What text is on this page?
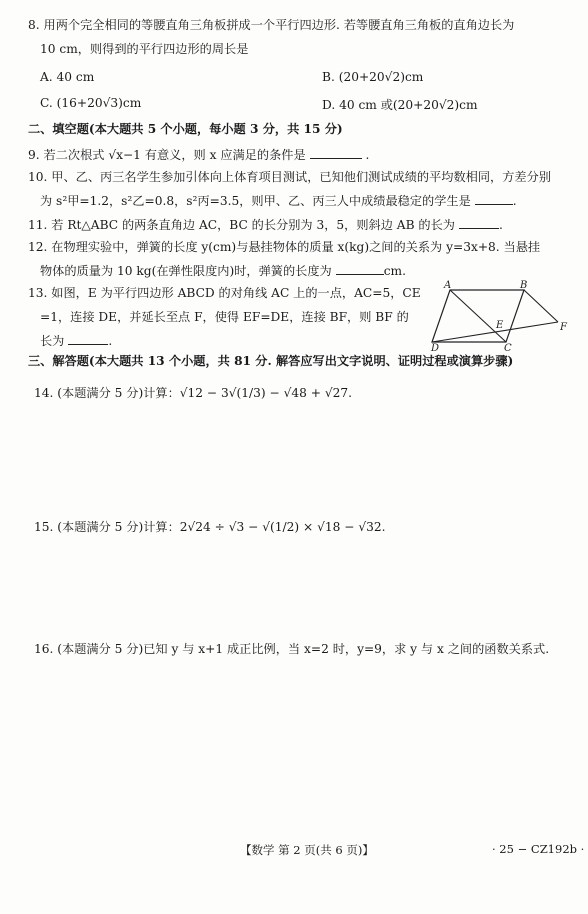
8. 用两个完全相同的等腰直角三角板拼成一个平行四边形. 若等腰直角三角板的直角边长为
10 cm，则得到的平行四边形的周长是
A. 40 cm	B. (20+20√2)cm
C. (16+20√3)cm	D. 40 cm 或(20+20√2)cm
二、填空题(本大题共 5 个小题，每小题 3 分，共 15 分)
9. 若二次根式 √x−1 有意义，则 x 应满足的条件是	.
10. 甲、乙、丙三名学生参加引体向上体育项目测试，已知他们测试成绩的平均数相同，方差分别
为 s²甲=1.2，s²乙=0.8，s²丙=3.5，则甲、乙、丙三人中成绩最稳定的学生是	.
11. 若 Rt△ABC 的两条直角边 AC，BC 的长分别为 3，5，则斜边 AB 的长为	.
12. 在物理实验中，弹簧的长度 y(cm)与悬挂物体的质量 x(kg)之间的关系为 y=3x+8. 当悬挂
物体的质量为 10 kg(在弹性限度内)时，弹簧的长度为	cm.
13. 如图，E 为平行四边形 ABCD 的对角线 AC 上的一点，AC=5，CE
=1，连接 DE，并延长至点 F，使得 EF=DE，连接 BF，则 BF 的
长为	.
A	B
C
D
E	F
三、解答题(本大题共 13 个小题，共 81 分. 解答应写出文字说明、证明过程或演算步骤)
14. (本题满分 5 分)计算：√12 − 3√(1/3) − √48 + √27.
15. (本题满分 5 分)计算：2√24 ÷ √3 − √(1/2) × √18 − √32.
16. (本题满分 5 分)已知 y 与 x+1 成正比例，当 x=2 时，y=9，求 y 与 x 之间的函数关系式.
【数学 第 2 页(共 6 页)】	· 25 − CZ192b ·
